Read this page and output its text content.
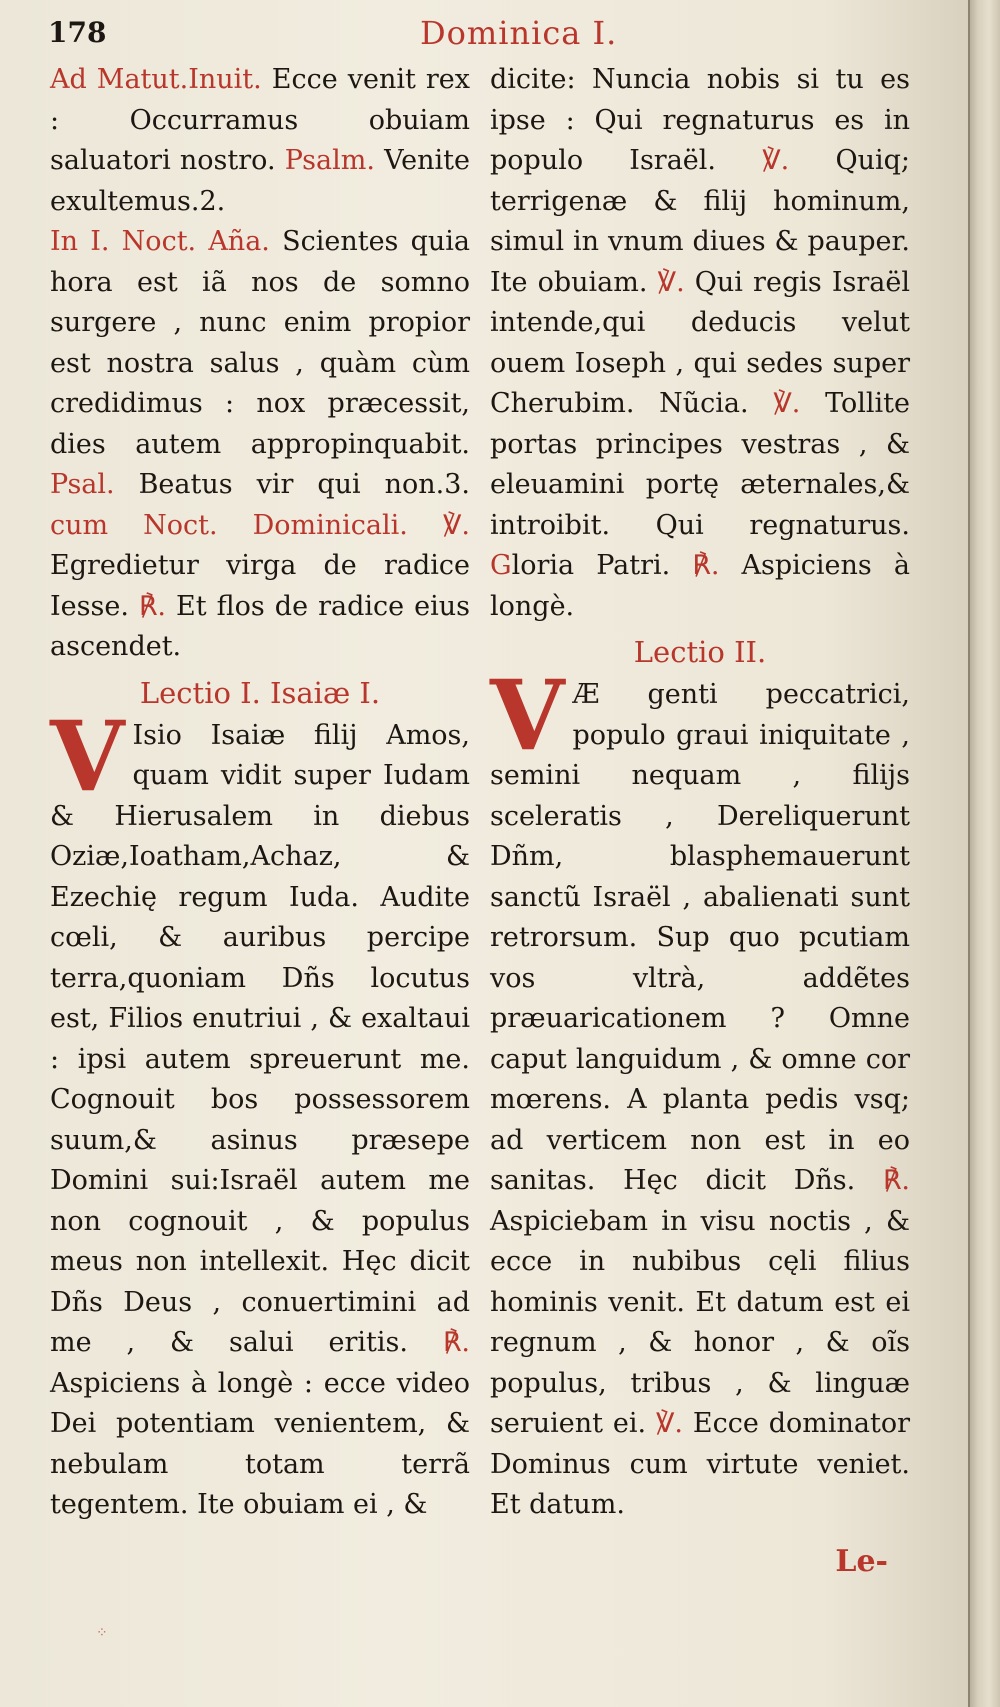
178	Dominica I.

Ad Matut.Inuit. Ecce venit rex : Occurramus obuiam saluatori nostro. Psalm. Venite exultemus.2.

In I. Noct. Aña. Scientes quia hora est iã nos de somno surgere , nunc enim propior est nostra salus , quàm cùm credidimus : nox præcessit, dies autem appropinquabit. Psal. Beatus vir qui non.3. cum Noct. Dominicali. ℣. Egredietur virga de radice Iesse. ℟. Et flos de radice eius ascendet.

Lectio I. Isaiæ I.

V Isio Isaiæ filij Amos, quam vidit super Iudam & Hierusalem in diebus Oziæ,Ioatham,Achaz, & Ezechię regum Iuda. Audite cœli, & auribus percipe terra,quoniam Dñs locutus est, Filios enutriui , & exaltaui : ipsi autem spreuerunt me. Cognouit bos possessorem suum,& asinus præsepe Domini sui:Israël autem me non cognouit , & populus meus non intellexit. Hęc dicit Dñs Deus , conuertimini ad me , & salui eritis. ℟. Aspiciens à longè : ecce video Dei potentiam venientem, & nebulam totam terrã tegentem. Ite obuiam ei , &

dicite: Nuncia nobis si tu es ipse : Qui regnaturus es in populo Israël. ℣. Quiq; terrigenæ & filij hominum, simul in vnum diues & pauper. Ite obuiam. ℣. Qui regis Israël intende,qui deducis velut ouem Ioseph , qui sedes super Cherubim. Nũcia. ℣. Tollite portas principes vestras , & eleuamini portę æternales,& introibit. Qui regnaturus. Gloria Patri. ℟. Aspiciens à longè.

Lectio II.

V Æ genti peccatrici, populo graui iniquitate , semini nequam , filijs sceleratis , Dereliquerunt Dñm, blasphemauerunt sanctũ Israël , abalienati sunt retrorsum. Sup quo pcutiam vos vltrà, addẽtes præuaricationem ? Omne caput languidum , & omne cor mœrens. A planta pedis vsq; ad verticem non est in eo sanitas. Hęc dicit Dñs. ℟. Aspiciebam in visu noctis , & ecce in nubibus cęli filius hominis venit. Et datum est ei regnum , & honor , & oĩs populus, tribus , & linguæ seruient ei. ℣. Ecce dominator Dominus cum virtute veniet. Et datum.

Le-
⁘
